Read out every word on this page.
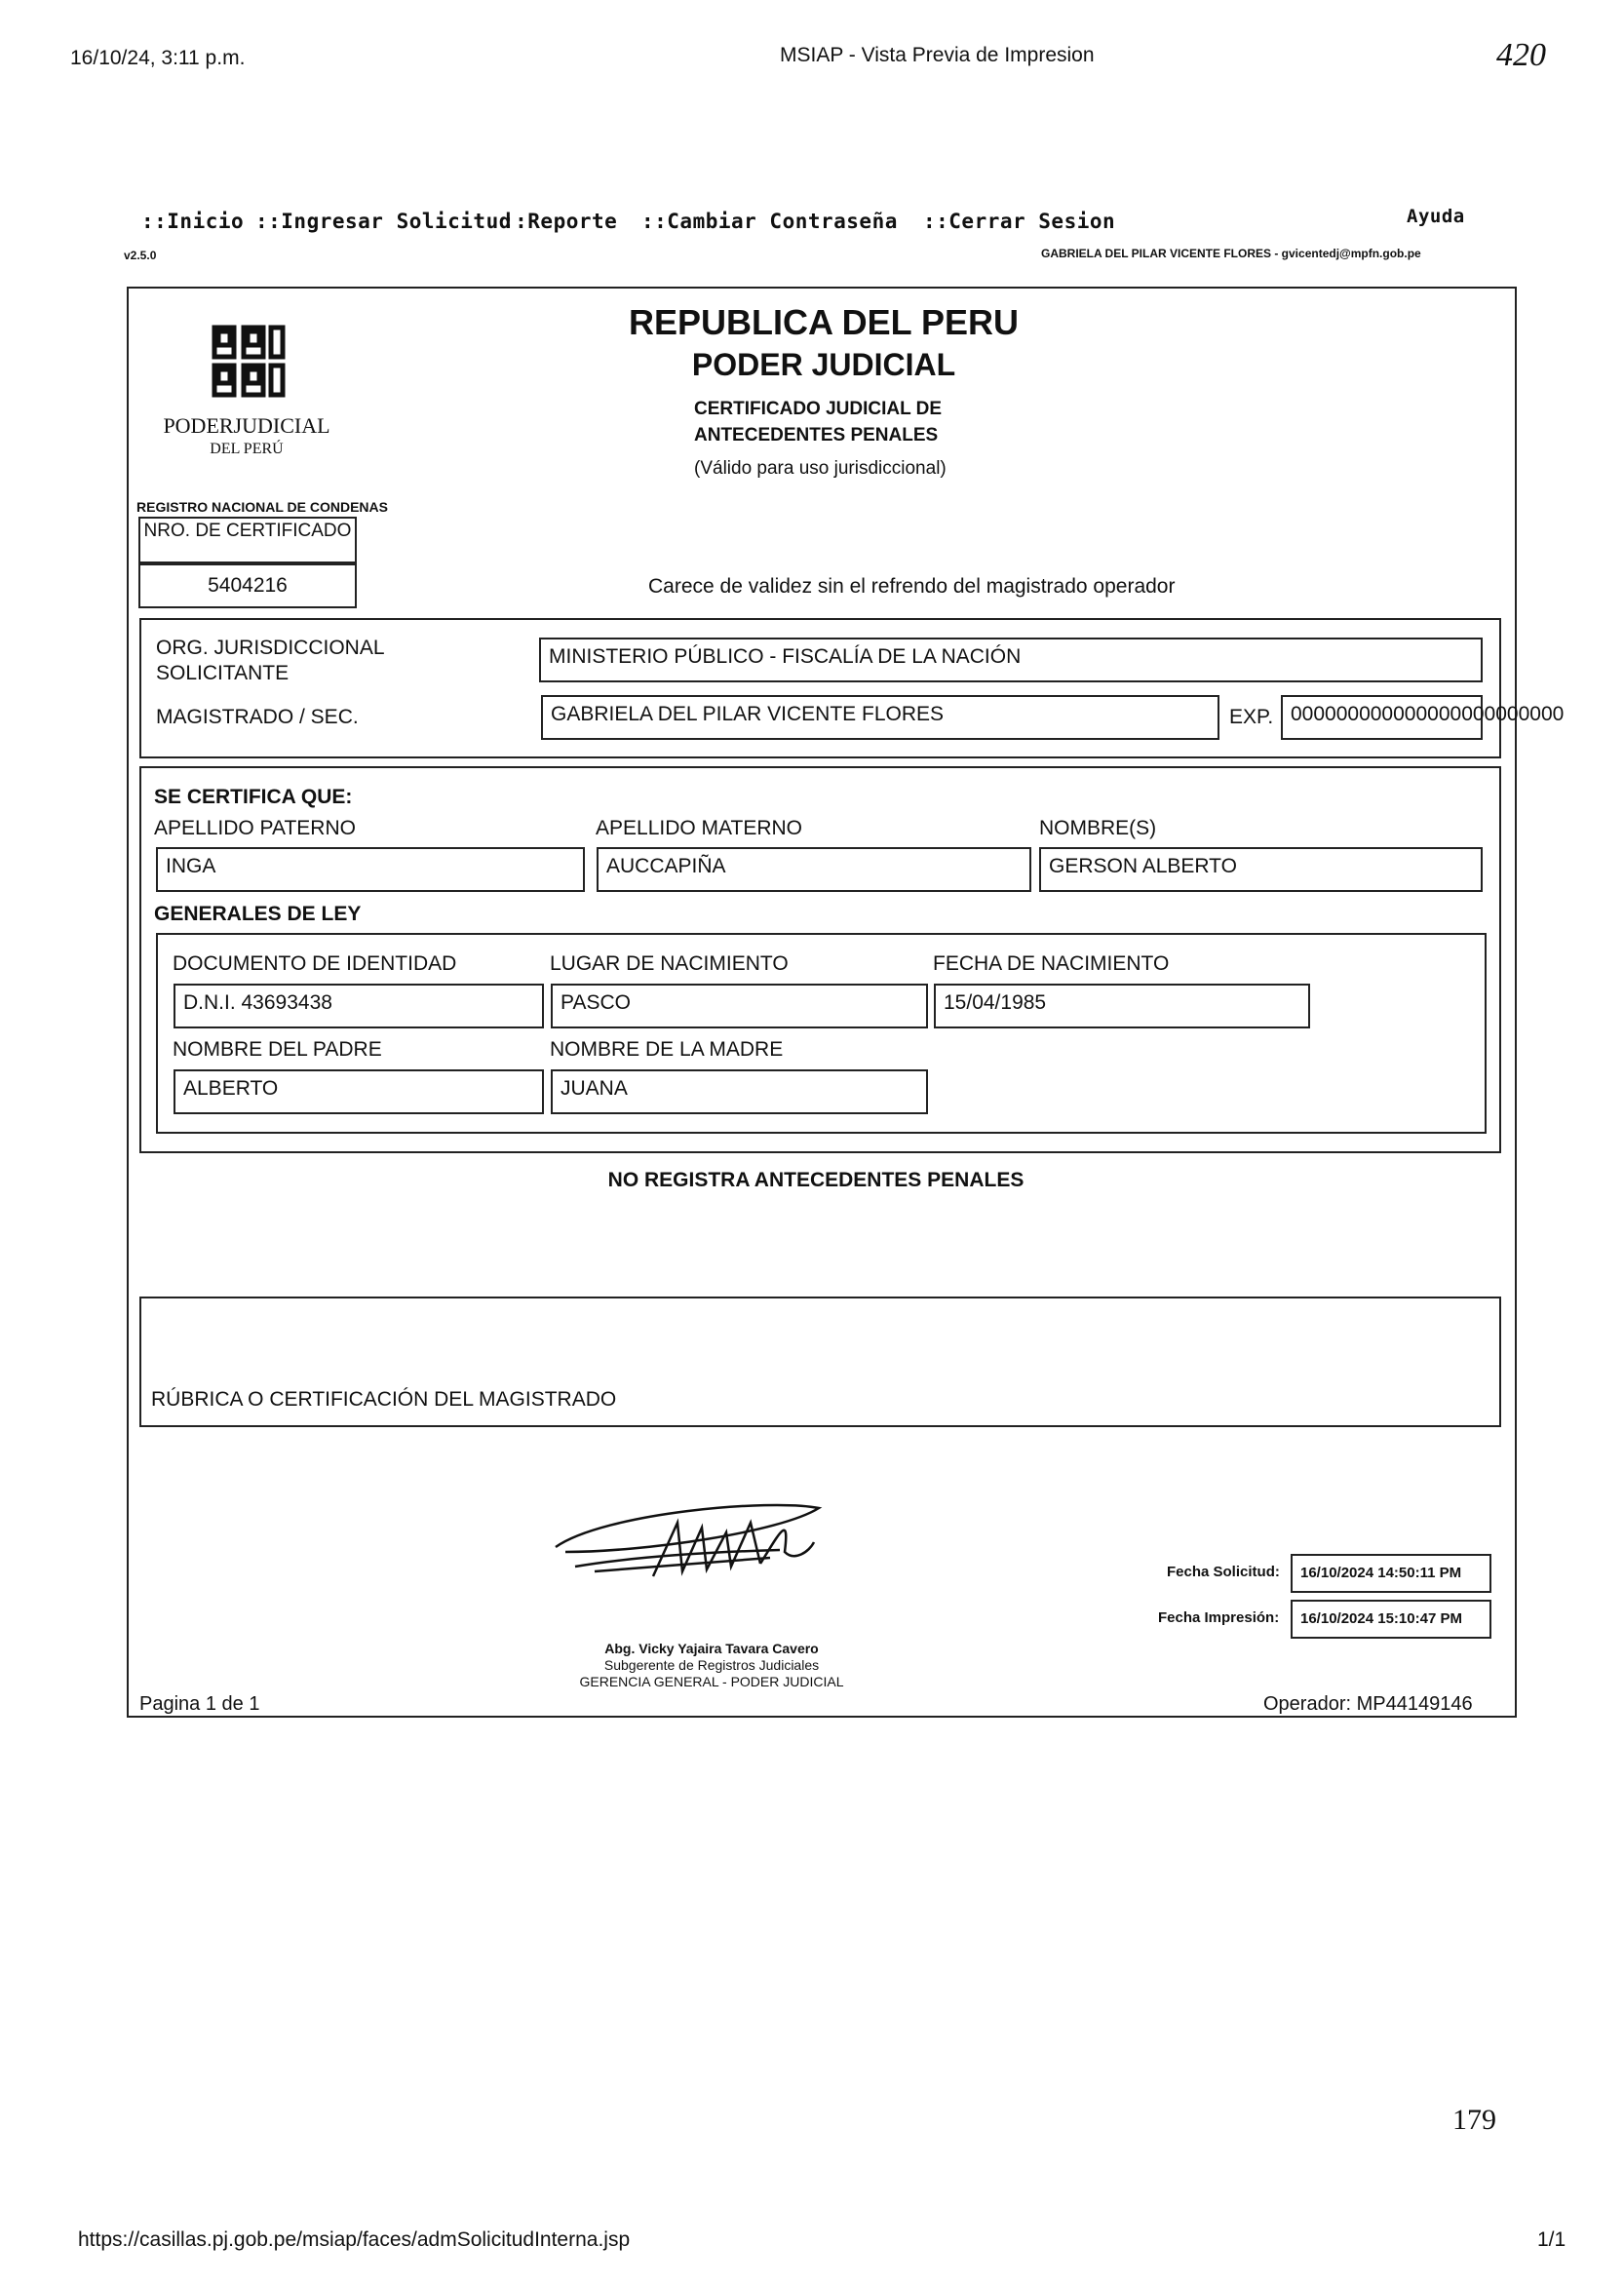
16/10/24, 3:11 p.m.	MSIAP - Vista Previa de Impresion	420
::Inicio ::Ingresar Solicitud
::Reporte ::Cambiar Contraseña ::Cerrar Sesion	Ayuda
v2.5.0	GABRIELA DEL PILAR VICENTE FLORES - gvicentedj@mpfn.gob.pe
PODERJUDICIAL
DEL PERÚ
REPUBLICA DEL PERU
PODER JUDICIAL
CERTIFICADO JUDICIAL DE
ANTECEDENTES PENALES
(Válido para uso jurisdiccional)
REGISTRO NACIONAL DE CONDENAS
NRO. DE CERTIFICADO
5404216	Carece de validez sin el refrendo del magistrado operador
ORG. JURISDICCIONAL SOLICITANTE
MINISTERIO PÚBLICO - FISCALÍA DE LA NACIÓN
MAGISTRADO / SEC.	GABRIELA DEL PILAR VICENTE FLORES	EXP. 000000000000000000000000
SE CERTIFICA QUE:
APELLIDO PATERNO	APELLIDO MATERNO	NOMBRE(S)
INGA	AUCCAPIÑA	GERSON ALBERTO
GENERALES DE LEY
DOCUMENTO DE IDENTIDAD	LUGAR DE NACIMIENTO	FECHA DE NACIMIENTO
D.N.I. 43693438	PASCO	15/04/1985
NOMBRE DEL PADRE	NOMBRE DE LA MADRE
ALBERTO	JUANA
NO REGISTRA ANTECEDENTES PENALES
RÚBRICA O CERTIFICACIÓN DEL MAGISTRADO
Abg. Vicky Yajaira Tavara Cavero
Subgerente de Registros Judiciales
GERENCIA GENERAL - PODER JUDICIAL
Fecha Solicitud:	16/10/2024 14:50:11 PM
Fecha Impresión:	16/10/2024 15:10:47 PM
Pagina 1 de 1	Operador: MP44149146
179
https://casillas.pj.gob.pe/msiap/faces/admSolicitudInterna.jsp	1/1
